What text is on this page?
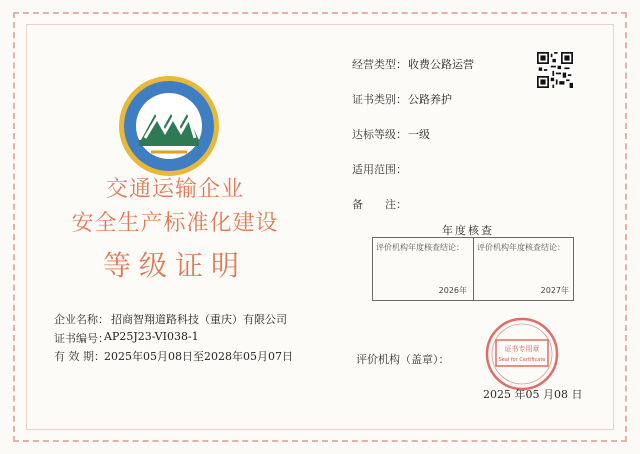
交通运输企业
安全生产标准化建设
等级证明
企业名称： 招商智翔道路科技（重庆）有限公司
证书编号：
AP25J23-VI038-1
有 效 期： 2025年05月08日至2028年05月07日
经营类型： 收费公路运营
证书类别： 公路养护
达标等级： 一级
适用范围：
备　　注：
年度核查
评价机构年度核查结论：
2026年
评价机构年度核查结论：
2027年
评价机构（盖章）：
证书专用章
Seal for Certificate
2025 年05 月08 日
